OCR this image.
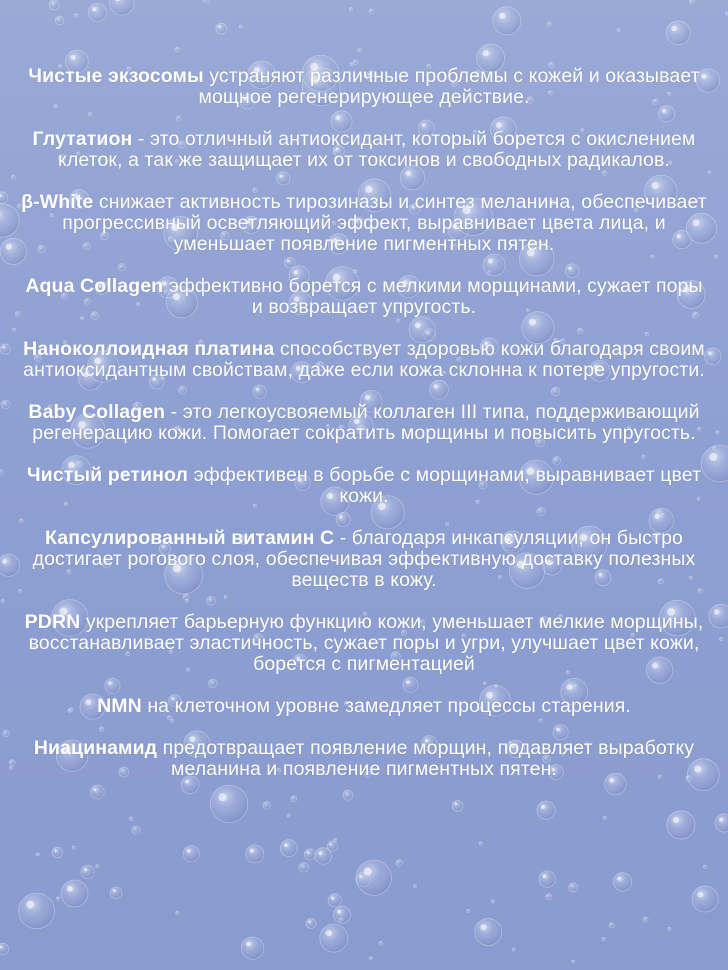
Чистые экзосомы устраняют различные проблемы с кожей и оказывает мощное регенерирующее действие.

Глутатион - это отличный антиоксидант, который борется с окислением клеток, а так же защищает их от токсинов и свободных радикалов.

β-White снижает активность тирозиназы и синтез меланина, обеспечивает прогрессивный осветляющий эффект, выравнивает цвета лица, и уменьшает появление пигментных пятен.

Aqua Collagen эффективно борется с мелкими морщинами, сужает поры и возвращает упругость.

Наноколлоидная платина способствует здоровью кожи благодаря своим антиоксидантным свойствам, даже если кожа склонна к потере упругости.

Baby Collagen - это легкоусвояемый коллаген III типа, поддерживающий регенерацию кожи. Помогает сократить морщины и повысить упругость.

Чистый ретинол эффективен в борьбе с морщинами, выравнивает цвет кожи.

Капсулированный витамин С - благодаря инкапсуляции, он быстро достигает рогового слоя, обеспечивая эффективную доставку полезных веществ в кожу.

PDRN укрепляет барьерную функцию кожи, уменьшает мелкие морщины, восстанавливает эластичность, сужает поры и угри, улучшает цвет кожи, борется с пигментацией

NMN на клеточном уровне замедляет процессы старения.

Ниацинамид предотвращает появление морщин, подавляет выработку меланина и появление пигментных пятен.
